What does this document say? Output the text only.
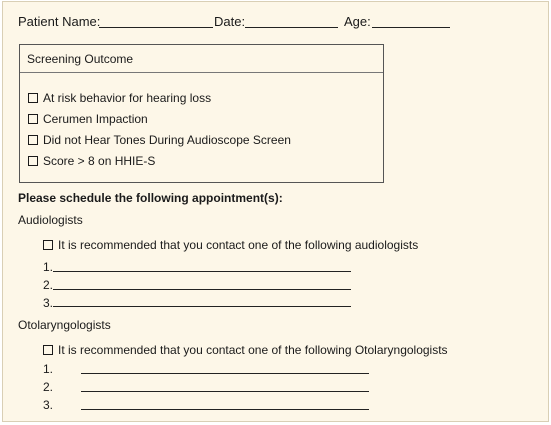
Patient Name:	Date:	Age:
Screening Outcome
At risk behavior for hearing loss
Cerumen Impaction
Did not Hear Tones During Audioscope Screen
Score > 8 on HHIE-S
Please schedule the following appointment(s):
Audiologists
It is recommended that you contact one of the following audiologists
1.
2.
3.
Otolaryngologists
It is recommended that you contact one of the following Otolaryngologists
1.
2.
3.
